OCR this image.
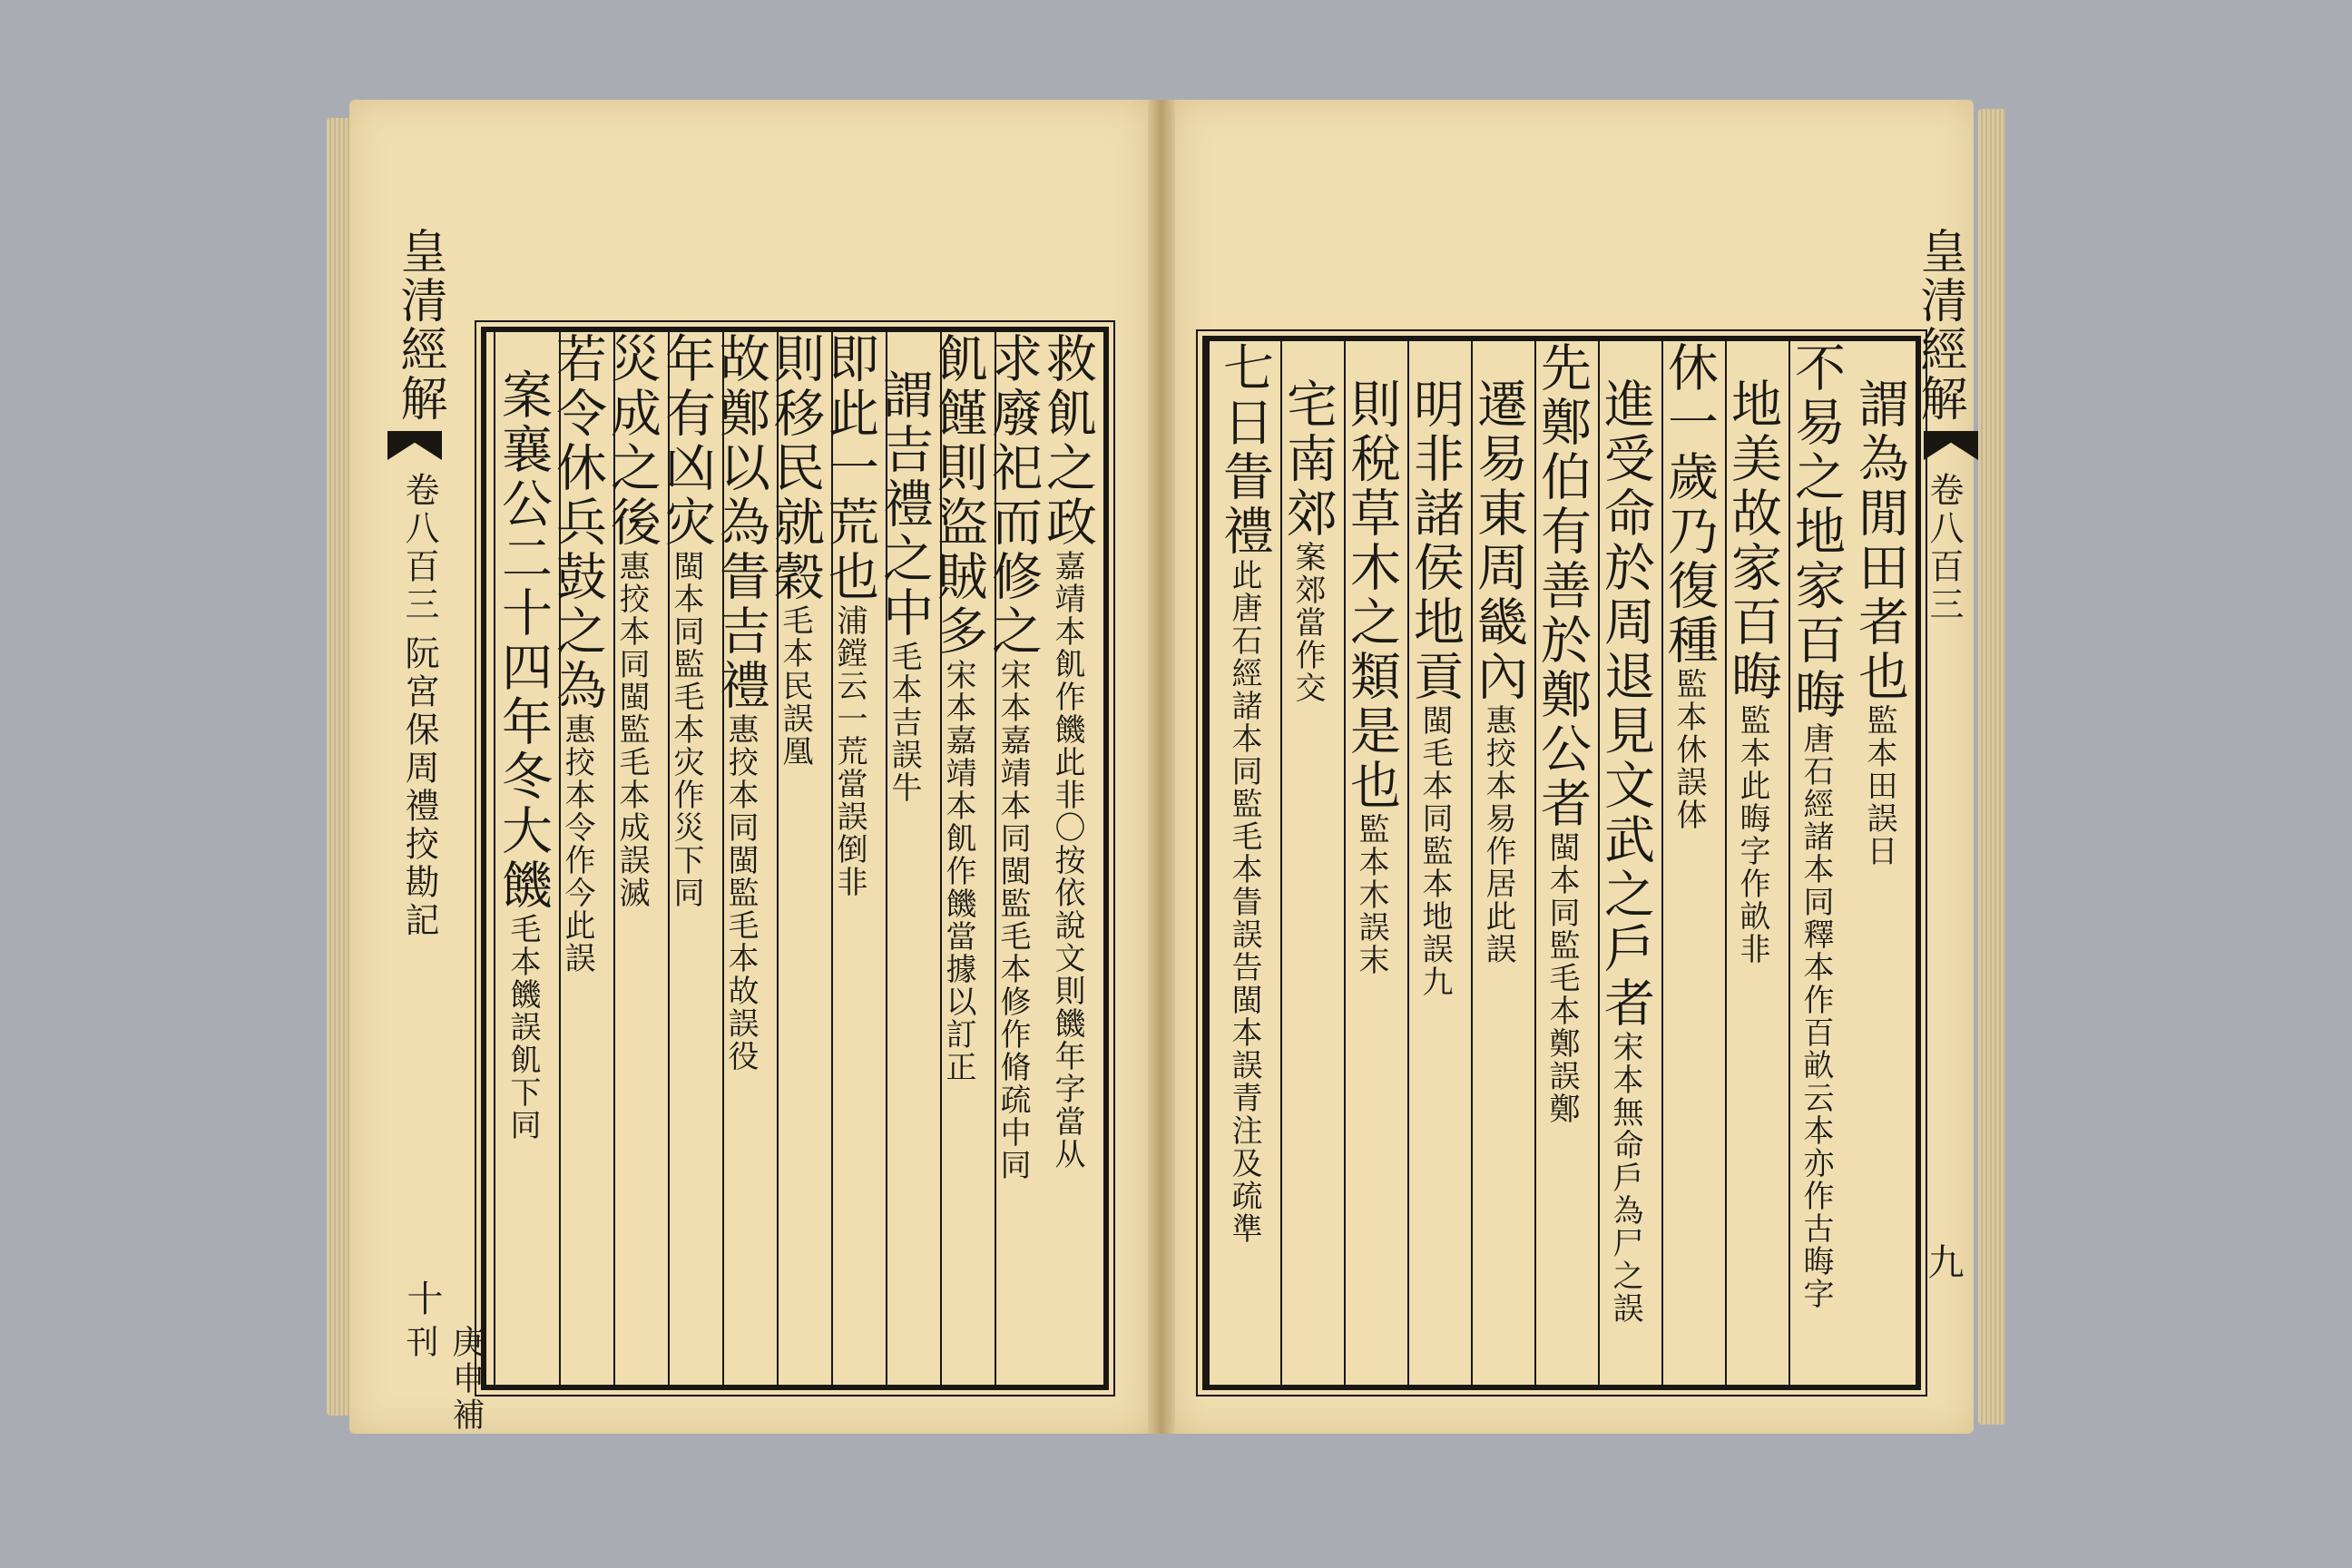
救飢之政嘉靖本飢作饑此非〇按依說文則饑年字當从
求廢祀而修之宋本嘉靖本同閩監毛本修作脩疏中同
飢饉則盜賊多宋本嘉靖本飢作饑當據以訂正
謂吉禮之中毛本吉誤牛
即此一荒也浦鏜云一荒當誤倒非
則移民就穀毛本民誤凰
故鄭以為眚吉禮惠挍本同閩監毛本故誤役
年有凶灾閩本同監毛本灾作災下同
災成之後惠挍本同閩監毛本成誤滅
若令休兵鼓之為惠挍本令作今此誤
案襄公二十四年冬大饑毛本饑誤飢下同
皇清經解
卷八百三
阮宮保周禮挍勘記
十
庚申補刊
謂為閒田者也監本田誤日
不易之地家百晦唐石經諸本同釋本作百畝云本亦作古晦字
地美故家百晦監本此晦字作畝非
休一歲乃復種監本休誤体
進受命於周退見文武之戶者宋本無命戶為尸之誤
先鄭伯有善於鄭公者閩本同監毛本鄭誤鄭
遷易東周畿內惠挍本易作居此誤
明非諸侯地貢閩毛本同監本地誤九
則稅草木之類是也監本木誤末
宅南郊案郊當作交
七日眚禮此唐石經諸本同監毛本眚誤告閩本誤青注及疏準
皇清經解
卷八百三
九
